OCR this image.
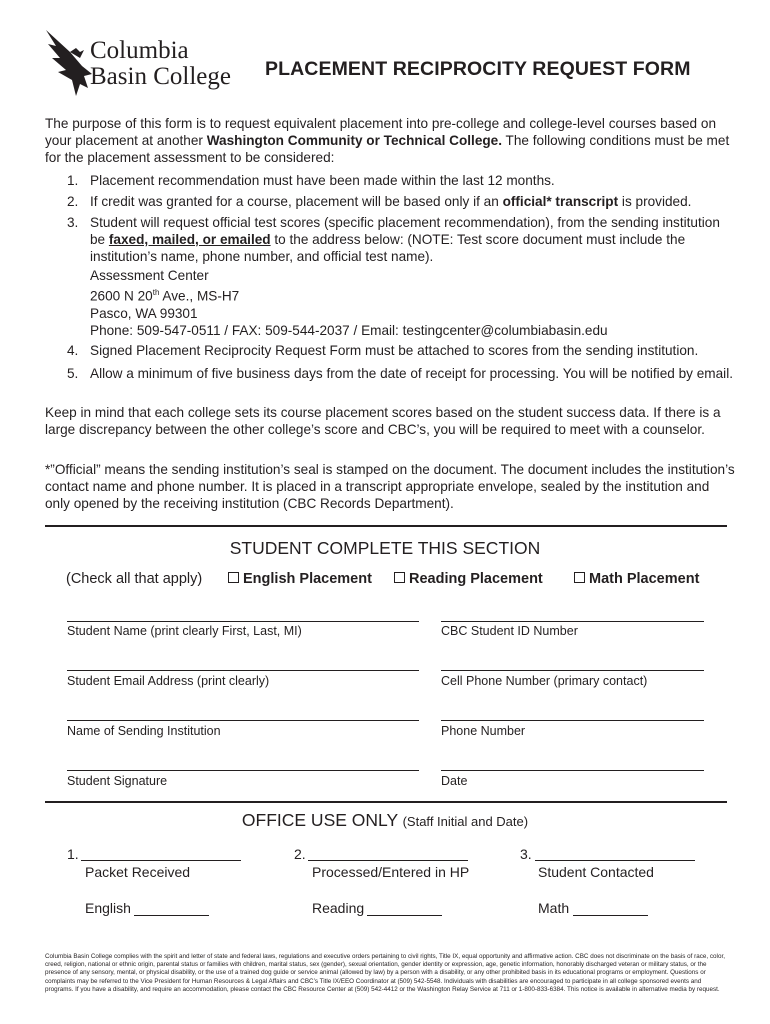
Columbia
Basin College PLACEMENT RECIPROCITY REQUEST FORM
The purpose of this form is to request equivalent placement into pre-college and college-level courses based on your placement at another Washington Community or Technical College. The following conditions must be met for the placement assessment to be considered:
1. Placement recommendation must have been made within the last 12 months.
2. If credit was granted for a course, placement will be based only if an official* transcript is provided.
3. Student will request official test scores (specific placement recommendation), from the sending institution be faxed, mailed, or emailed to the address below: (NOTE: Test score document must include the institution’s name, phone number, and official test name).
Assessment Center
2600 N 20th Ave., MS-H7
Pasco, WA 99301
Phone: 509-547-0511 / FAX: 509-544-2037 / Email: testingcenter@columbiabasin.edu
4. Signed Placement Reciprocity Request Form must be attached to scores from the sending institution.
5. Allow a minimum of five business days from the date of receipt for processing. You will be notified by email.
Keep in mind that each college sets its course placement scores based on the student success data. If there is a large discrepancy between the other college’s score and CBC’s, you will be required to meet with a counselor.
*”Official” means the sending institution’s seal is stamped on the document. The document includes the institution’s contact name and phone number. It is placed in a transcript appropriate envelope, sealed by the institution and only opened by the receiving institution (CBC Records Department).
STUDENT COMPLETE THIS SECTION
(Check all that apply)	English Placement	Reading Placement	Math Placement
Student Name (print clearly First, Last, MI)	CBC Student ID Number
Student Email Address (print clearly)	Cell Phone Number (primary contact)
Name of Sending Institution	Phone Number
Student Signature	Date
OFFICE USE ONLY (Staff Initial and Date)
1.
Packet Received
2.
Processed/Entered in HP
3.
Student Contacted
English	Reading	Math
Columbia Basin College complies with the spirit and letter of state and federal laws, regulations and executive orders pertaining to civil rights, Title IX, equal opportunity and affirmative action. CBC does not discriminate on the basis of race, color, creed, religion, national or ethnic origin, parental status or families with children, marital status, sex (gender), sexual orientation, gender identity or expression, age, genetic information, honorably discharged veteran or military status, or the presence of any sensory, mental, or physical disability, or the use of a trained dog guide or service animal (allowed by law) by a person with a disability, or any other prohibited basis in its educational programs or employment. Questions or complaints may be referred to the Vice President for Human Resources & Legal Affairs and CBC’s Title IX/EEO Coordinator at (509) 542-5548. Individuals with disabilities are encouraged to participate in all college sponsored events and programs. If you have a disability, and require an accommodation, please contact the CBC Resource Center at (509) 542-4412 or the Washington Relay Service at 711 or 1-800-833-6384. This notice is available in alternative media by request.
